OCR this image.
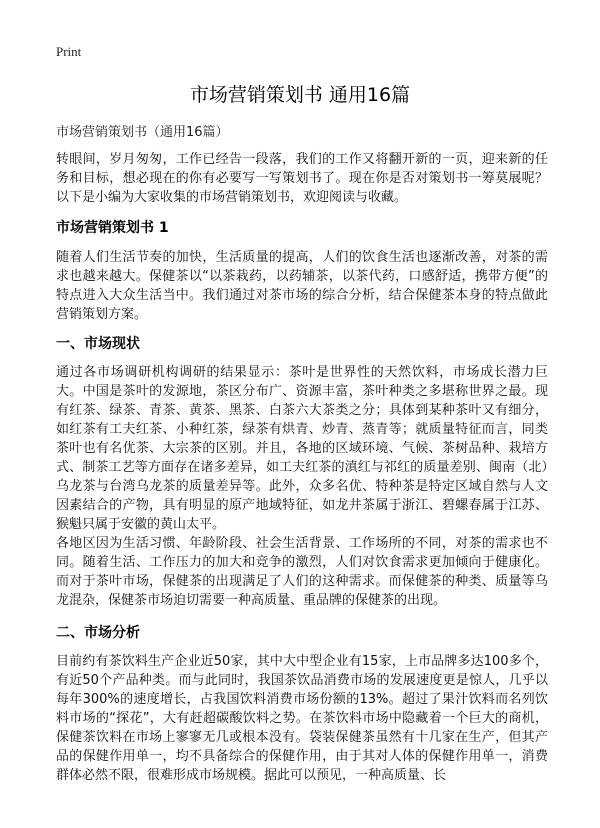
Print
市场营销策划书 通用16篇
市场营销策划书（通用16篇）
转眼间，岁月匆匆，工作已经告一段落，我们的工作又将翻开新的一页，迎来新的任务和目标，想必现在的你有必要写一写策划书了。现在你是否对策划书一筹莫展呢？以下是小编为大家收集的市场营销策划书，欢迎阅读与收藏。
市场营销策划书 1
随着人们生活节奏的加快，生活质量的提高，人们的饮食生活也逐渐改善，对茶的需求也越来越大。保健茶以“以茶栽药，以药辅茶，以茶代药，口感舒适，携带方便”的特点进入大众生活当中。我们通过对茶市场的综合分析，结合保健茶本身的特点做此营销策划方案。
一、市场现状
通过各市场调研机构调研的结果显示：茶叶是世界性的天然饮料，市场成长潜力巨大。中国是茶叶的发源地，茶区分布广、资源丰富，茶叶种类之多堪称世界之最。现有红茶、绿茶、青茶、黄茶、黑茶、白茶六大茶类之分；具体到某种茶叶又有细分，如红茶有工夫红茶、小种红茶，绿茶有烘青、炒青、蒸青等；就质量特征而言，同类茶叶也有名优茶、大宗茶的区别。并且，各地的区域环境、气候、茶树品种、栽培方式、制茶工艺等方面存在诸多差异，如工夫红茶的滇红与祁红的质量差别、闽南（北）乌龙茶与台湾乌龙茶的质量差异等。此外，众多名优、特种茶是特定区域自然与人文因素结合的产物，具有明显的原产地域特征，如龙井茶属于浙江、碧螺春属于江苏、猴魁只属于安徽的黄山太平。
各地区因为生活习惯、年龄阶段、社会生活背景、工作场所的不同，对茶的需求也不同。随着生活、工作压力的加大和竞争的激烈，人们对饮食需求更加倾向于健康化。而对于茶叶市场，保健茶的出现满足了人们的这种需求。而保健茶的种类、质量等乌龙混杂，保健茶市场迫切需要一种高质量、重品牌的保健茶的出现。
二、市场分析
目前约有茶饮料生产企业近50家，其中大中型企业有15家，上市品牌多达100多个，有近50个产品种类。而与此同时，我国茶饮品消费市场的发展速度更是惊人，几乎以每年300%的速度增长，占我国饮料消费市场份额的13%。超过了果汁饮料而名列饮料市场的“探花”，大有赶超碳酸饮料之势。在茶饮料市场中隐藏着一个巨大的商机，保健茶饮料在市场上寥寥无几或根本没有。袋装保健茶虽然有十几家在生产，但其产品的保健作用单一，均不具备综合的保健作用，由于其对人体的保健作用单一，消费群体必然不限，很难形成市场规模。据此可以预见，一种高质量、长
